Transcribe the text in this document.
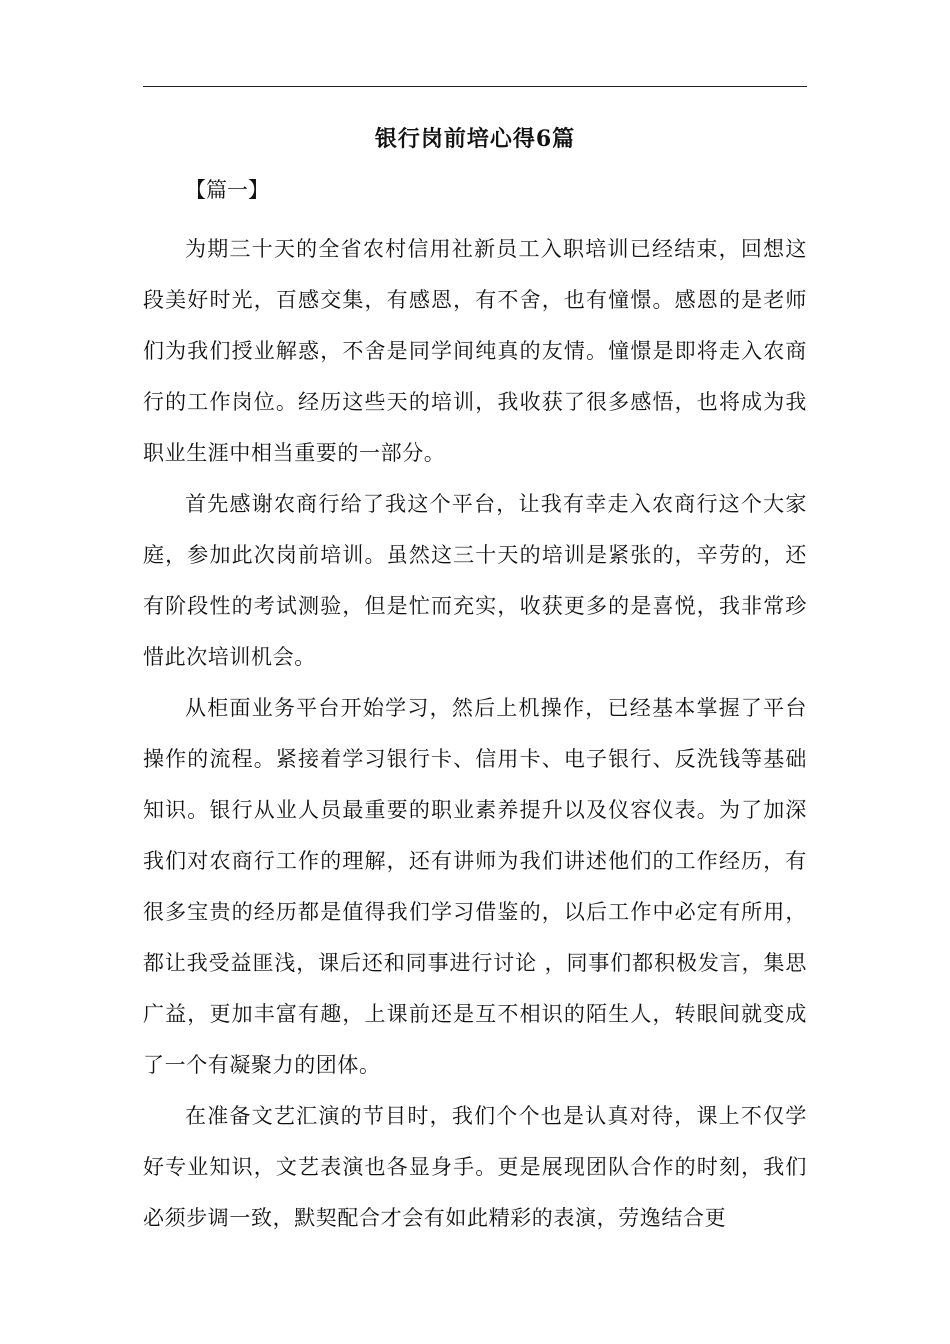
银行岗前培心得6篇
【篇一】

为期三十天的全省农村信用社新员工入职培训已经结束，回想这段美好时光，百感交集，有感恩，有不舍，也有憧憬。感恩的是老师们为我们授业解惑，不舍是同学间纯真的友情。憧憬是即将走入农商行的工作岗位。经历这些天的培训，我收获了很多感悟，也将成为我职业生涯中相当重要的一部分。

首先感谢农商行给了我这个平台，让我有幸走入农商行这个大家庭，参加此次岗前培训。虽然这三十天的培训是紧张的，辛劳的，还有阶段性的考试测验，但是忙而充实，收获更多的是喜悦，我非常珍惜此次培训机会。

从柜面业务平台开始学习，然后上机操作，已经基本掌握了平台操作的流程。紧接着学习银行卡、信用卡、电子银行、反洗钱等基础知识。银行从业人员最重要的职业素养提升以及仪容仪表。为了加深我们对农商行工作的理解，还有讲师为我们讲述他们的工作经历，有很多宝贵的经历都是值得我们学习借鉴的，以后工作中必定有所用，都让我受益匪浅，课后还和同事进行讨论 ，同事们都积极发言，集思广益，更加丰富有趣，上课前还是互不相识的陌生人，转眼间就变成了一个有凝聚力的团体。

在准备文艺汇演的节目时，我们个个也是认真对待，课上不仅学好专业知识，文艺表演也各显身手。更是展现团队合作的时刻，我们必须步调一致，默契配合才会有如此精彩的表演，劳逸结合更
